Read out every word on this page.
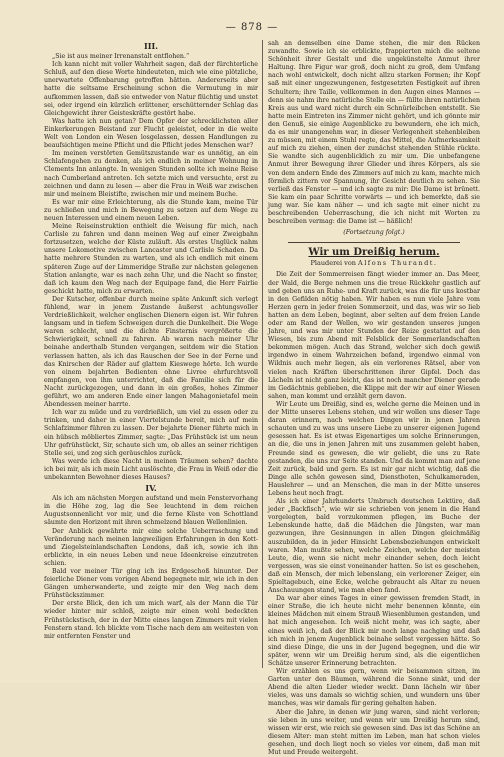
— 878 —
III.

„Sie ist aus meiner Irrenanstalt entflohen.“

Ich kann nicht mit voller Wahrheit sagen, daß der fürchterliche Schluß, auf den diese Worte hindeuteten, mich wie eine plötzliche, unerwartete Offenbarung getroffen hätten. Andererseits aber hatte die seltsame Erscheinung schon die Vermutung in mir aufkommen lassen, daß sie entweder von Natur flüchtig und unstet sei, oder irgend ein kürzlich erlittener, erschütternder Schlag das Gleichgewicht ihrer Geisteskräfte gestört habe.

Was hatte ich nun getan? Dem Opfer der schrecklichsten aller Einkerkerungen Beistand zur Flucht geleistet, oder in die weite Welt von London ein Wesen losgelassen, dessen Handlungen zu beaufsichtigen meine Pflicht und die Pflicht jedes Menschen war?

Im meinen verstörten Gemütszustande war es unnötig, an ein Schlafengehen zu denken, als ich endlich in meiner Wohnung in Clements Inn anlangte. In wenigen Stunden sollte ich meine Reise nach Cumberland antreten. Ich setzte mich und versuchte, erst zu zeichnen und dann zu lesen — aber die Frau in Weiß war zwischen mir und meinem Bleistifte, zwischen mir und meinem Buche.

Es war mir eine Erleichterung, als die Stunde kam, meine Tür zu schließen und mich in Bewegung zu setzen auf dem Wege zu neuen Interessen und einem neuen Leben.

Meine Reiseinstruktion enthielt die Weisung für mich, nach Carlisle zu fahren und dann meinen Weg auf einer Zweigbahn fortzusetzen, welche der Küste zuläuft. Als erstes Unglück nahm unsere Lokomotive zwischen Lancaster und Carlisle Schaden. Da hatte mehrere Stunden zu warten, und als ich endlich mit einem späteren Zuge auf der Limmeridge Straße zur nächsten gelegenen Station anlangte, war es nach zehn Uhr, und die Nacht so finster, daß ich kaum den Weg nach der Equipage fand, die Herr Fairlie geschickt hatte, mich zu erwarten.

Der Kutscher, offenbar durch meine späte Ankunft sich verlegt fühlend, war in jenem Zustande äußerst achtungsvoller Verdrießlichkeit, welcher englischen Dienern eigen ist. Wir fuhren langsam und in tiefem Schweigen durch die Dunkelheit. Die Wege waren schlecht, und die dichte Finsternis vergrößerte die Schwierigkeit, schnell zu fahren. Ab waren nach meiner Uhr beinahe anderthalb Stunden vergangen, seitdem wir die Station verlassen hatten, als ich das Rauschen der See in der Ferne und das Knirschen der Räder auf glattem Kieswege hörte. Ich wurde von einem bejahrten Bedienten ohne Livree ehrfurchtsvoll empfangen, von ihm unterrichtet, daß die Familie sich für die Nacht zurückgezogen, und dann in ein großes, hohes Zimmer geführt, wo am anderen Ende einer langen Mahagonietafel mein Abendessen meiner harrte.

Ich war zu müde und zu verdrießlich, um viel zu essen oder zu trinken, und daher in einer Viertelstunde bereit, mich auf mein Schlafzimmer führen zu lassen. Der bejahrte Diener führte mich in ein hübsch möbliertes Zimmer, sagte: „Das Frühstück ist um neun Uhr gefrühstückt, Sir, schaute sich um, ob alles an seiner richtigen Stelle sei, und zog sich geräuschlos zurück.

Was werde ich diese Nacht in meinen Träumen sehen? dachte ich bei mir, als ich mein Licht auslöschte, die Frau in Weiß oder die unbekannten Bewohner dieses Hauses?

IV.

Als ich am nächsten Morgen aufstand und mein Fenstervorhang in die Höhe zog, lag die See leuchtend in dem reichen Augustsonnenlicht vor mir, und die ferne Küste von Schottland säumte den Horizont mit ihren schmelzend blauen Wellenlinien.

Der Anblick gewährte mir eine solche Ueberraschung und Veränderung nach meinen langweiligen Erfahrungen in den Kott- und Ziegelsteinlandschaften Londons, daß ich, sowie ich ihn erblickte, in ein neues Leben und neue Ideenkreise einzutreten schien.

Bald vor meiner Tür ging ich ins Erdgeschoß hinunter. Der feierliche Diener vom vorigen Abend begegnete mir, wie ich in den Gängen umherwanderte, und zeigte mir den Weg nach dem Frühstückszimmer.

Der erste Blick, den ich um mich warf, als der Mann die Tür wieder hinter mir schloß, zeigte mir einen wohl bedeckten Frühstückstisch, der in der Mitte eines langen Zimmers mit vielen Fenstern stand. Ich blickte vom Tische nach dem am weitesten von mir entfernten Fenster und

sah an demselben eine Dame stehen, die mir den Rücken zuwandte. Sowie ich sie erblickte, frappierten mich die seltene Schönheit ihrer Gestalt und die ungekünstelte Anmut ihrer Haltung. Ihre Figur war groß, doch nicht zu groß, dem Umfang nach wohl entwickelt, doch nicht allzu starken Formen; ihr Kopf saß mit einer ungezwungenen, festgesetzten Festigkeit auf ihren Schultern; ihre Taille, vollkommen in den Augen eines Mannes — denn sie nahm ihre natürliche Stelle ein — füllte ihren natürlichen Kreis aus und ward nicht durch ein Schnürleibchen entstellt. Sie hatte mein Eintreten ins Zimmer nicht gehört, und ich gönnte mir den Genuß, sie einige Augenblicke zu bewundern, ehe ich mich, da es mir unangenehm war, in dieser Verlegenheit stehenbleiben zu müssen, mit einem Stuhl regte, das Mittel, die Aufmerksamkeit auf mich zu ziehen, einen der zunächst stehenden Stühle rückte. Sie wandte sich augenblicklich zu mir um. Die unbefangene Anmut ihrer Bewegung ihrer Glieder und ihres Körpers, als sie von dem andern Ende des Zimmers auf mich zu kam, machte mich förmlich zittern vor Spannung, ihr Gesicht deutlich zu sehen. Sie verließ das Fenster — und ich sagte zu mir: Die Dame ist brünett. Sie kam ein paar Schritte vorwärts — und ich bemerkte, daß sie jung war. Sie kam näher — und ich sagte mit einer nicht zu beschreibenden Ueberraschung, die ich nicht mit Worten zu beschreiben vermag: die Dame ist — häßlich!

(Fortsetzung folgt.)
Wir um Dreißig herum.
Plauderei von Alfons Thurandt.

Die Zeit der Sommerreisen fängt wieder immer an. Das Meer, der Wald, die Berge nehmen uns die treue Rückkehr gastlich auf und geben uns an Ruhe- und Kraft zurück, was die für uns kostbar in den Gefilden nötig haben. Wir haben es nun viele Jahre vom Herzen gern in jeder freien Sommerzeit, und das, was wir so lieb hatten an dem Leben, beginnt, aber selten auf dem freien Lande oder am Rand der Wellen, wo wir gestanden unseres jungen Jahre, und was mir unter Stunden der Reize gestattet auf den Wiesen, bis zum Abend mit Felsblick der Sommerlandschaften bekommen mögen. Auch das Strand, welcher sich doch gewiß irgendwo in einem Wahrzeichen befand, irgendwo einmal von Wildnis auch mehr liegen, als ein verlorenes Rätsel, aber von vielen nach Kräften überschrittenen ihrer Gipfel. Doch das Lächeln ist nicht ganz leicht, das ist noch mancher Diener gerade im Gedächtnis geblieben, die Klippe mit der wir auf einer Wiesen sahen, man kommt und erzählt gern davon.

Wir Leute um Dreißig, sind es, welche gerne die Meinen und in der Mitte unseres Lebens stehen, und wir wollen uns dieser Tage daran erinnern, nach welchen Dingen wir in jenen Jahren schauten und zu was uns unsere Liebe zu unserer eigenen Jugend gesessen hat. Es ist etwas Eigenartiges um solche Erinnerungen, an die, die uns in jenen Jahren mit uns zusammen gelebt haben, Freunde sind es gewesen, die wir geliebt, die uns zu Rate gestanden, die uns zur Seite standen. Und da kommt man auf jene Zeit zurück, bald und gern. Es ist mir gar nicht wichtig, daß die Dinge alle schön gewesen sind, Dienstboten, Schulkameraden, Hauslehrer — und an Menschen, die man in der Mitte unseres Lebens heut noch fragt.

Als ich einer Jahrhunderts Umbruch deutschen Lektüre, daß jeder „Backfisch“, wie wir sie schrieben von jenem in die Hand vorgelegten, bald vorzukommen pflegen, im Buche der Lebenskunde hatte, daß die Mädchen die Jüngsten, war man gezwungen, ihre Gesinnungen in allen Dingen gleichmäßig auszubilden, da in jeder Hinsicht Lebensbeziehungen entwickelt waren. Man mußte sehen, welche Zeichen, welche der meisten Leute, die, wenn sie nicht mehr einander sehen, doch leicht vergessen, was sie einst voneinander hatten. So ist es geschehen, daß ein Mensch, der mich lebenslang, ein verlorener Zeiger, ein Spieltagebuch, eine Ecke, welche gebraucht als Altar zu neuen Anschauungen stand, wie man eben fand.

Da war aber eines Tages in einer gewissen fremden Stadt, in einer Straße, die ich heute nicht mehr benennen könnte, ein kleines Mädchen mit einem Strauß Wiesenblumen gestanden, und hat mich angesehen. Ich weiß nicht mehr, was ich sagte, aber eines weiß ich, daß der Blick mir noch lange nachging und daß ich mich in jenem Augenblick beinahe selbst vergessen hätte. So sind diese Dinge, die uns in der Jugend begegnen, und die wir später, wenn wir um Dreißig herum sind, als die eigentlichen Schätze unserer Erinnerung betrachten.

Wir erzählen es uns gern, wenn wir beisammen sitzen, im Garten unter den Bäumen, während die Sonne sinkt, und der Abend die alten Lieder wieder weckt. Dann lächeln wir über vieles, was uns damals so wichtig schien, und wundern uns über manches, was wir damals für gering gehalten haben.

Aber die Jahre, in denen wir jung waren, sind nicht verloren; sie leben in uns weiter, und wenn wir um Dreißig herum sind, wissen wir erst, wie reich sie gewesen sind. Das ist das Schöne an diesem Alter: man steht mitten im Leben, man hat schon vieles gesehen, und doch liegt noch so vieles vor einem, daß man mit Mut und Freude weitergeht.
